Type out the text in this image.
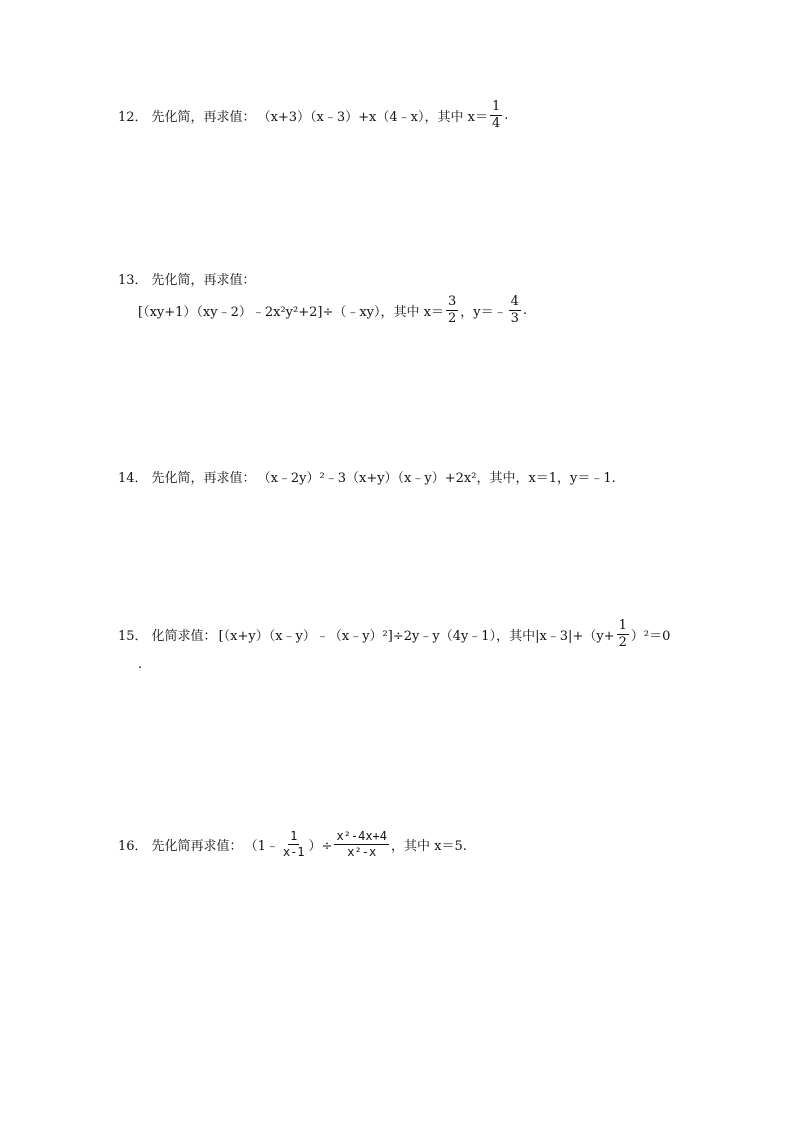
12． 先化简，再求值： （x+3）（x﹣3）+x（4﹣x），其中 $x= \frac{1}{4}$ .
13． 先化简，再求值：
[（xy+1）（xy﹣2）﹣2x²y²+2]÷（﹣xy），其中 $x= \frac{3}{2}$ ，y＝﹣ $\frac{4}{3}$ .
14． 先化简，再求值： （x﹣2y）²﹣3（x+y）（x﹣y）+2x²，其中，x＝1，y＝﹣1.
15． 化简求值： [（x+y）（x﹣y）﹣（x﹣y）²]÷2y﹣y（4y﹣1），其中|x﹣3|+（y+ $\frac{1}{2} )^2=0$
.
16． 先化简再求值： （1﹣ $\frac{1}{x-1}$ ）÷ $\frac{\text{x²-4x+4}}{\text{x²-x}}$ ，其中 x＝5.
